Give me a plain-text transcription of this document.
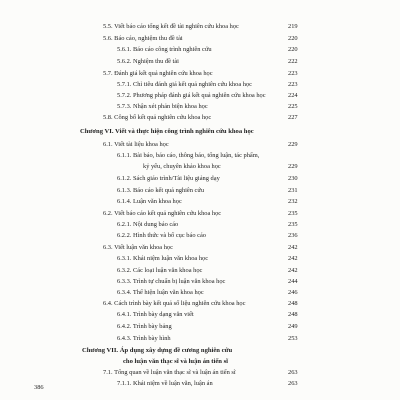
5.5. Viết báo cáo tổng kết đề tài nghiên cứu khoa học	219
5.6. Báo cáo, nghiệm thu đề tài	220
5.6.1. Báo cáo công trình nghiên cứu	220
5.6.2. Nghiệm thu đề tài	222
5.7. Đánh giá kết quả nghiên cứu khoa học	223
5.7.1. Chỉ tiêu đánh giá kết quả nghiên cứu khoa học	223
5.7.2. Phương pháp đánh giá kết quả nghiên cứu khoa học	224
5.7.3. Nhận xét phản biện khoa học	225
5.8. Công bố kết quả nghiên cứu khoa học	227
Chương VI. Viết và thực hiện công trình nghiên cứu khoa học
6.1. Viết tài liệu khoa học	229
6.1.1. Bài báo, báo cáo, thông báo, tổng luận, tác phẩm,
kỷ yếu, chuyên khảo khoa học	229
6.1.2. Sách giáo trình/Tài liệu giảng dạy	230
6.1.3. Báo cáo kết quả nghiên cứu	231
6.1.4. Luận văn khoa học	232
6.2. Viết báo cáo kết quả nghiên cứu khoa học	235
6.2.1. Nội dung báo cáo	235
6.2.2. Hình thức và bố cục báo cáo	236
6.3. Viết luận văn khoa học	242
6.3.1. Khái niệm luận văn khoa học	242
6.3.2. Các loại luận văn khoa học	242
6.3.3. Trình tự chuẩn bị luận văn khoa học	244
6.3.4. Thể hiện luận văn khoa học	246
6.4. Cách trình bày kết quả số liệu nghiên cứu khoa học	248
6.4.1. Trình bày dạng văn viết	248
6.4.2. Trình bày bảng	249
6.4.3. Trình bày hình	253
Chương VII. Áp dụng xây dựng đề cương nghiên cứu
cho luận văn thạc sĩ và luận án tiến sĩ
7.1. Tổng quan về luận văn thạc sĩ và luận án tiến sĩ	263
7.1.1. Khái niệm về luận văn, luận án	263
386
